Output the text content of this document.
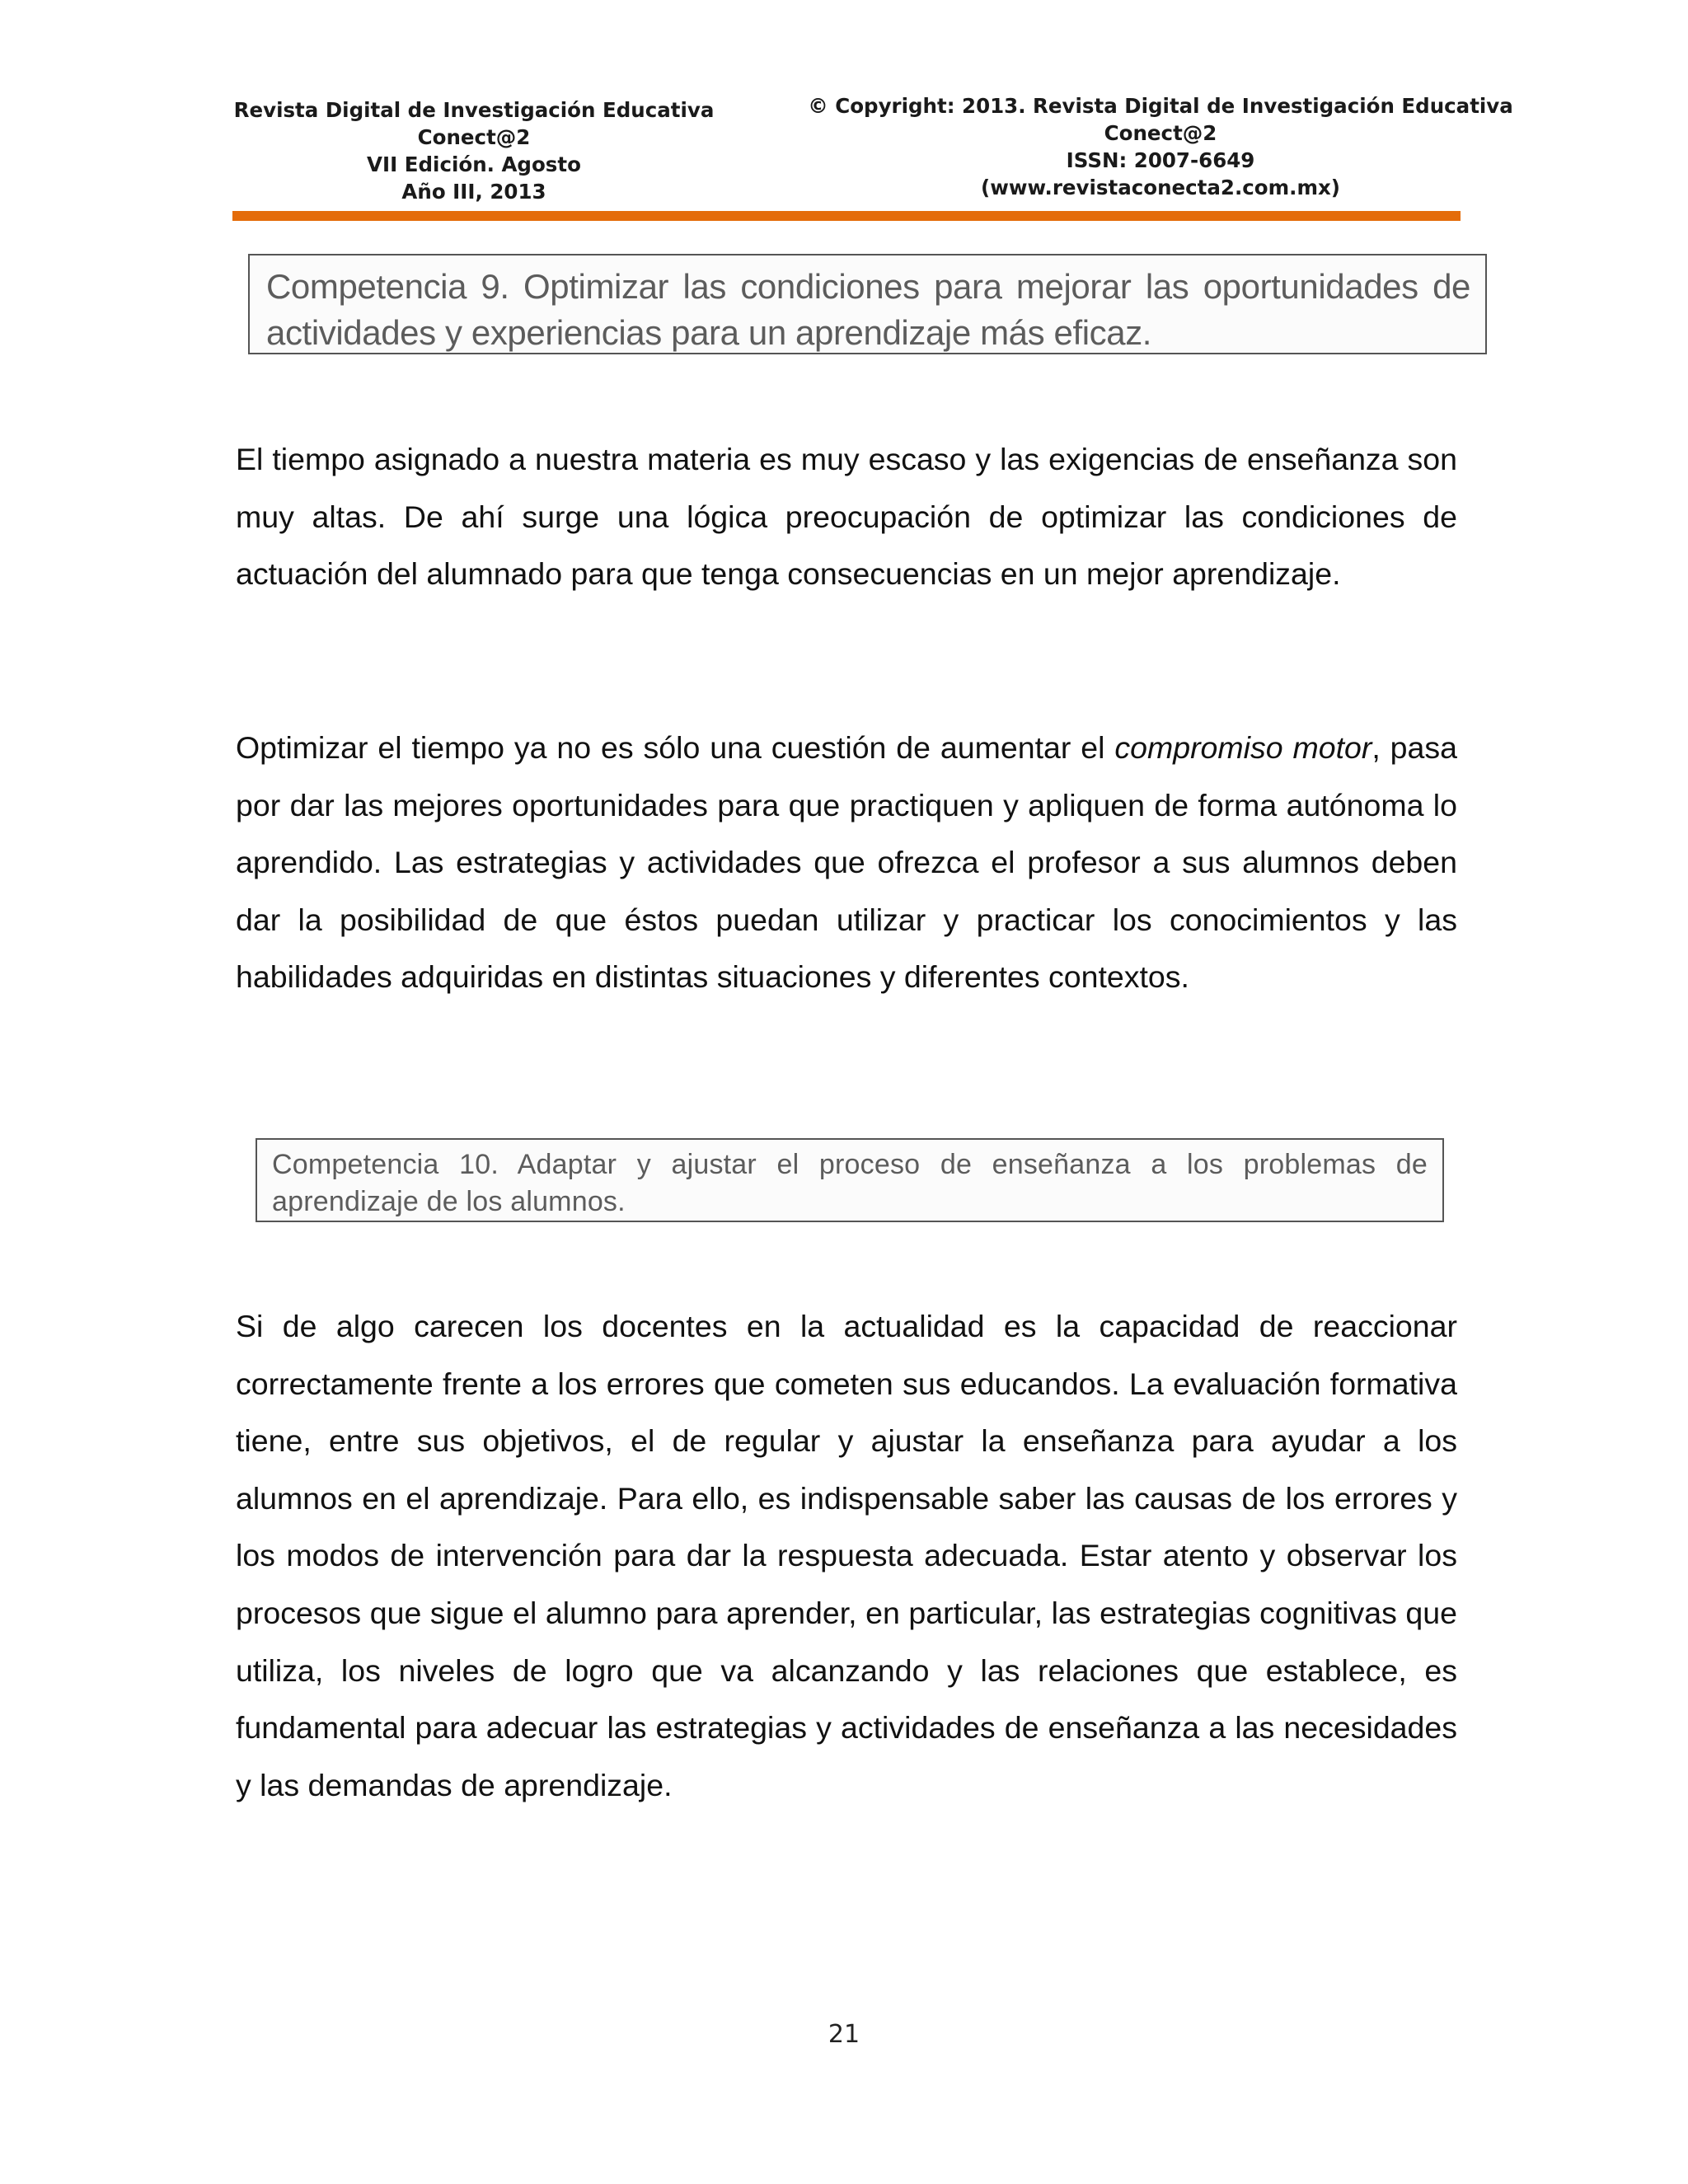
Revista Digital de Investigación Educativa
Conect@2
VII Edición. Agosto
Año III, 2013
© Copyright: 2013. Revista Digital de Investigación Educativa
Conect@2
ISSN: 2007-6649
(www.revistaconecta2.com.mx)
Competencia 9. Optimizar las condiciones para mejorar las oportunidades de actividades y experiencias para un aprendizaje más eficaz.

El tiempo asignado a nuestra materia es muy escaso y las exigencias de enseñanza son muy altas. De ahí surge una lógica preocupación de optimizar las condiciones de actuación del alumnado para que tenga consecuencias en un mejor aprendizaje.

Optimizar el tiempo ya no es sólo una cuestión de aumentar el compromiso motor, pasa por dar las mejores oportunidades para que practiquen y apliquen de forma autónoma lo aprendido. Las estrategias y actividades que ofrezca el profesor a sus alumnos deben dar la posibilidad de que éstos puedan utilizar y practicar los conocimientos y las habilidades adquiridas en distintas situaciones y diferentes contextos.

Competencia 10. Adaptar y ajustar el proceso de enseñanza a los problemas de aprendizaje de los alumnos.

Si de algo carecen los docentes en la actualidad es la capacidad de reaccionar correctamente frente a los errores que cometen sus educandos. La evaluación formativa tiene, entre sus objetivos, el de regular y ajustar la enseñanza para ayudar a los alumnos en el aprendizaje. Para ello, es indispensable saber las causas de los errores y los modos de intervención para dar la respuesta adecuada. Estar atento y observar los procesos que sigue el alumno para aprender, en particular, las estrategias cognitivas que utiliza, los niveles de logro que va alcanzando y las relaciones que establece, es fundamental para adecuar las estrategias y actividades de enseñanza a las necesidades y las demandas de aprendizaje.

21
